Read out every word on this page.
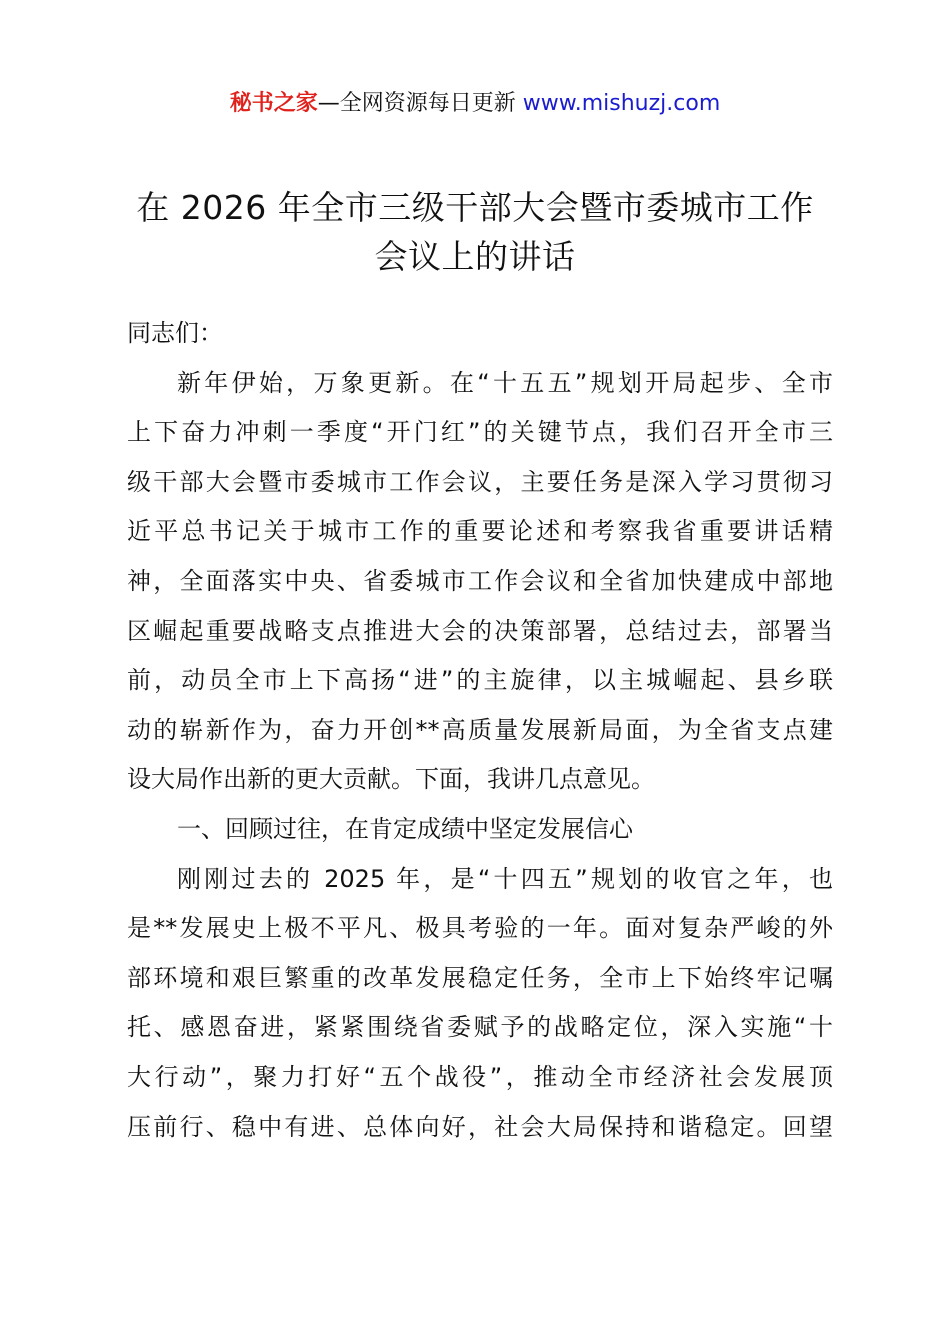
秘书之家—全网资源每日更新 www.mishuzj.com
在 2026 年全市三级干部大会暨市委城市工作
会议上的讲话
同志们：
新年伊始，万象更新。在“十五五”规划开局起步、全市
上下奋力冲刺一季度“开门红”的关键节点，我们召开全市三
级干部大会暨市委城市工作会议，主要任务是深入学习贯彻习
近平总书记关于城市工作的重要论述和考察我省重要讲话精
神，全面落实中央、省委城市工作会议和全省加快建成中部地
区崛起重要战略支点推进大会的决策部署，总结过去，部署当
前，动员全市上下高扬“进”的主旋律，以主城崛起、县乡联
动的崭新作为，奋力开创**高质量发展新局面，为全省支点建
设大局作出新的更大贡献。下面，我讲几点意见。
一、回顾过往，在肯定成绩中坚定发展信心
刚刚过去的 2025 年，是“十四五”规划的收官之年，也
是**发展史上极不平凡、极具考验的一年。面对复杂严峻的外
部环境和艰巨繁重的改革发展稳定任务，全市上下始终牢记嘱
托、感恩奋进，紧紧围绕省委赋予的战略定位，深入实施“十
大行动”，聚力打好“五个战役”，推动全市经济社会发展顶
压前行、稳中有进、总体向好，社会大局保持和谐稳定。回望
